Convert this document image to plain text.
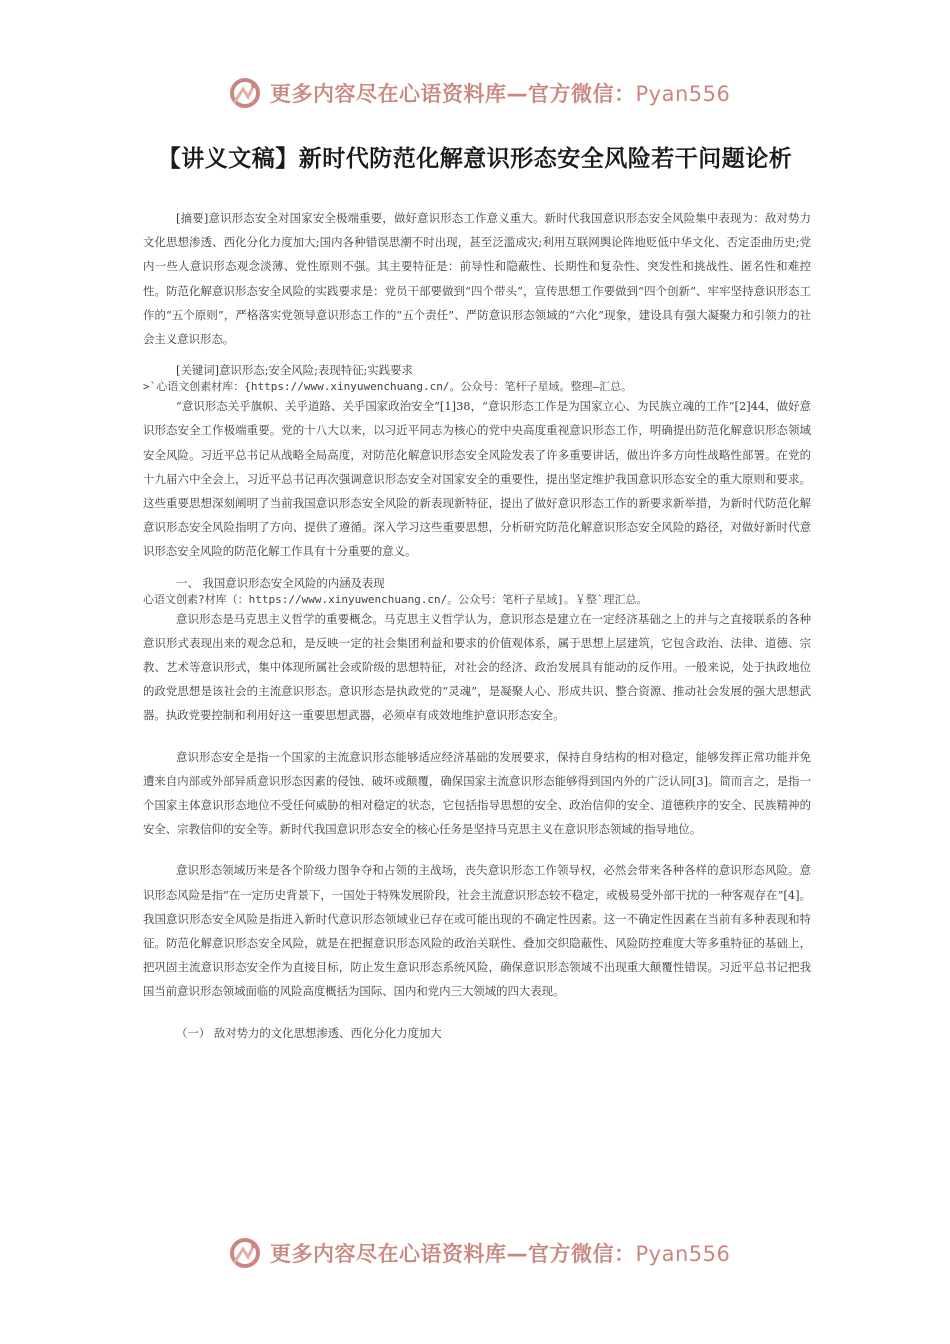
更多内容尽在心语资料库—官方微信：Pyan556
【讲义文稿】新时代防范化解意识形态安全风险若干问题论析

[摘要]意识形态安全对国家安全极端重要，做好意识形态工作意义重大。新时代我国意识形态安全风险集中表现为：敌对势力文化思想渗透、西化分化力度加大;国内各种错误思潮不时出现，甚至泛滥成灾;利用互联网舆论阵地贬低中华文化、否定歪曲历史;党内一些人意识形态观念淡薄、党性原则不强。其主要特征是：前导性和隐蔽性、长期性和复杂性、突发性和挑战性、匿名性和难控性。防范化解意识形态安全风险的实践要求是：党员干部要做到“四个带头”，宣传思想工作要做到“四个创新”、牢牢坚持意识形态工作的“五个原则”，严格落实党领导意识形态工作的“五个责任”、严防意识形态领域的“六化”现象，建设具有强大凝聚力和引领力的社会主义意识形态。

[关键词]意识形态;安全风险;表现特征;实践要求

>`心语文创素材库：{https://www.xinyuwenchuang.cn/。公众号：笔杆子星域。整理—汇总。

“意识形态关乎旗帜、关乎道路、关乎国家政治安全”[1]38，“意识形态工作是为国家立心、为民族立魂的工作”[2]44，做好意识形态安全工作极端重要。党的十八大以来，以习近平同志为核心的党中央高度重视意识形态工作，明确提出防范化解意识形态领域安全风险。习近平总书记从战略全局高度，对防范化解意识形态安全风险发表了许多重要讲话，做出许多方向性战略性部署。在党的十九届六中全会上，习近平总书记再次强调意识形态安全对国家安全的重要性，提出坚定维护我国意识形态安全的重大原则和要求。这些重要思想深刻阐明了当前我国意识形态安全风险的新表现新特征，提出了做好意识形态工作的新要求新举措，为新时代防范化解意识形态安全风险指明了方向、提供了遵循。深入学习这些重要思想，分析研究防范化解意识形态安全风险的路径，对做好新时代意识形态安全风险的防范化解工作具有十分重要的意义。

一、 我国意识形态安全风险的内涵及表现

心语文创素?材库（：https://www.xinyuwenchuang.cn/。公众号：笔杆子星域]。￥整`理汇总。

意识形态是马克思主义哲学的重要概念。马克思主义哲学认为，意识形态是建立在一定经济基础之上的并与之直接联系的各种意识形式表现出来的观念总和，是反映一定的社会集团利益和要求的价值观体系，属于思想上层建筑，它包含政治、法律、道德、宗教、艺术等意识形式，集中体现所属社会或阶级的思想特征，对社会的经济、政治发展具有能动的反作用。一般来说，处于执政地位的政党思想是该社会的主流意识形态。意识形态是执政党的“灵魂”，是凝聚人心、形成共识、整合资源、推动社会发展的强大思想武器。执政党要控制和利用好这一重要思想武器，必须卓有成效地维护意识形态安全。

意识形态安全是指一个国家的主流意识形态能够适应经济基础的发展要求，保持自身结构的相对稳定，能够发挥正常功能并免遭来自内部或外部异质意识形态因素的侵蚀、破坏或颠覆，确保国家主流意识形态能够得到国内外的广泛认同[3]。简而言之，是指一个国家主体意识形态地位不受任何威胁的相对稳定的状态，它包括指导思想的安全、政治信仰的安全、道德秩序的安全、民族精神的安全、宗教信仰的安全等。新时代我国意识形态安全的核心任务是坚持马克思主义在意识形态领域的指导地位。

意识形态领域历来是各个阶级力图争夺和占领的主战场，丧失意识形态工作领导权，必然会带来各种各样的意识形态风险。意识形态风险是指“在一定历史背景下，一国处于特殊发展阶段，社会主流意识形态较不稳定，或极易受外部干扰的一种客观存在”[4]。我国意识形态安全风险是指进入新时代意识形态领域业已存在或可能出现的不确定性因素。这一不确定性因素在当前有多种表现和特征。防范化解意识形态安全风险，就是在把握意识形态风险的政治关联性、叠加交织隐蔽性、风险防控难度大等多重特征的基础上，把巩固主流意识形态安全作为直接目标，防止发生意识形态系统风险，确保意识形态领域不出现重大颠覆性错误。习近平总书记把我国当前意识形态领域面临的风险高度概括为国际、国内和党内三大领域的四大表现。

（一） 敌对势力的文化思想渗透、西化分化力度加大

更多内容尽在心语资料库—官方微信：Pyan556
